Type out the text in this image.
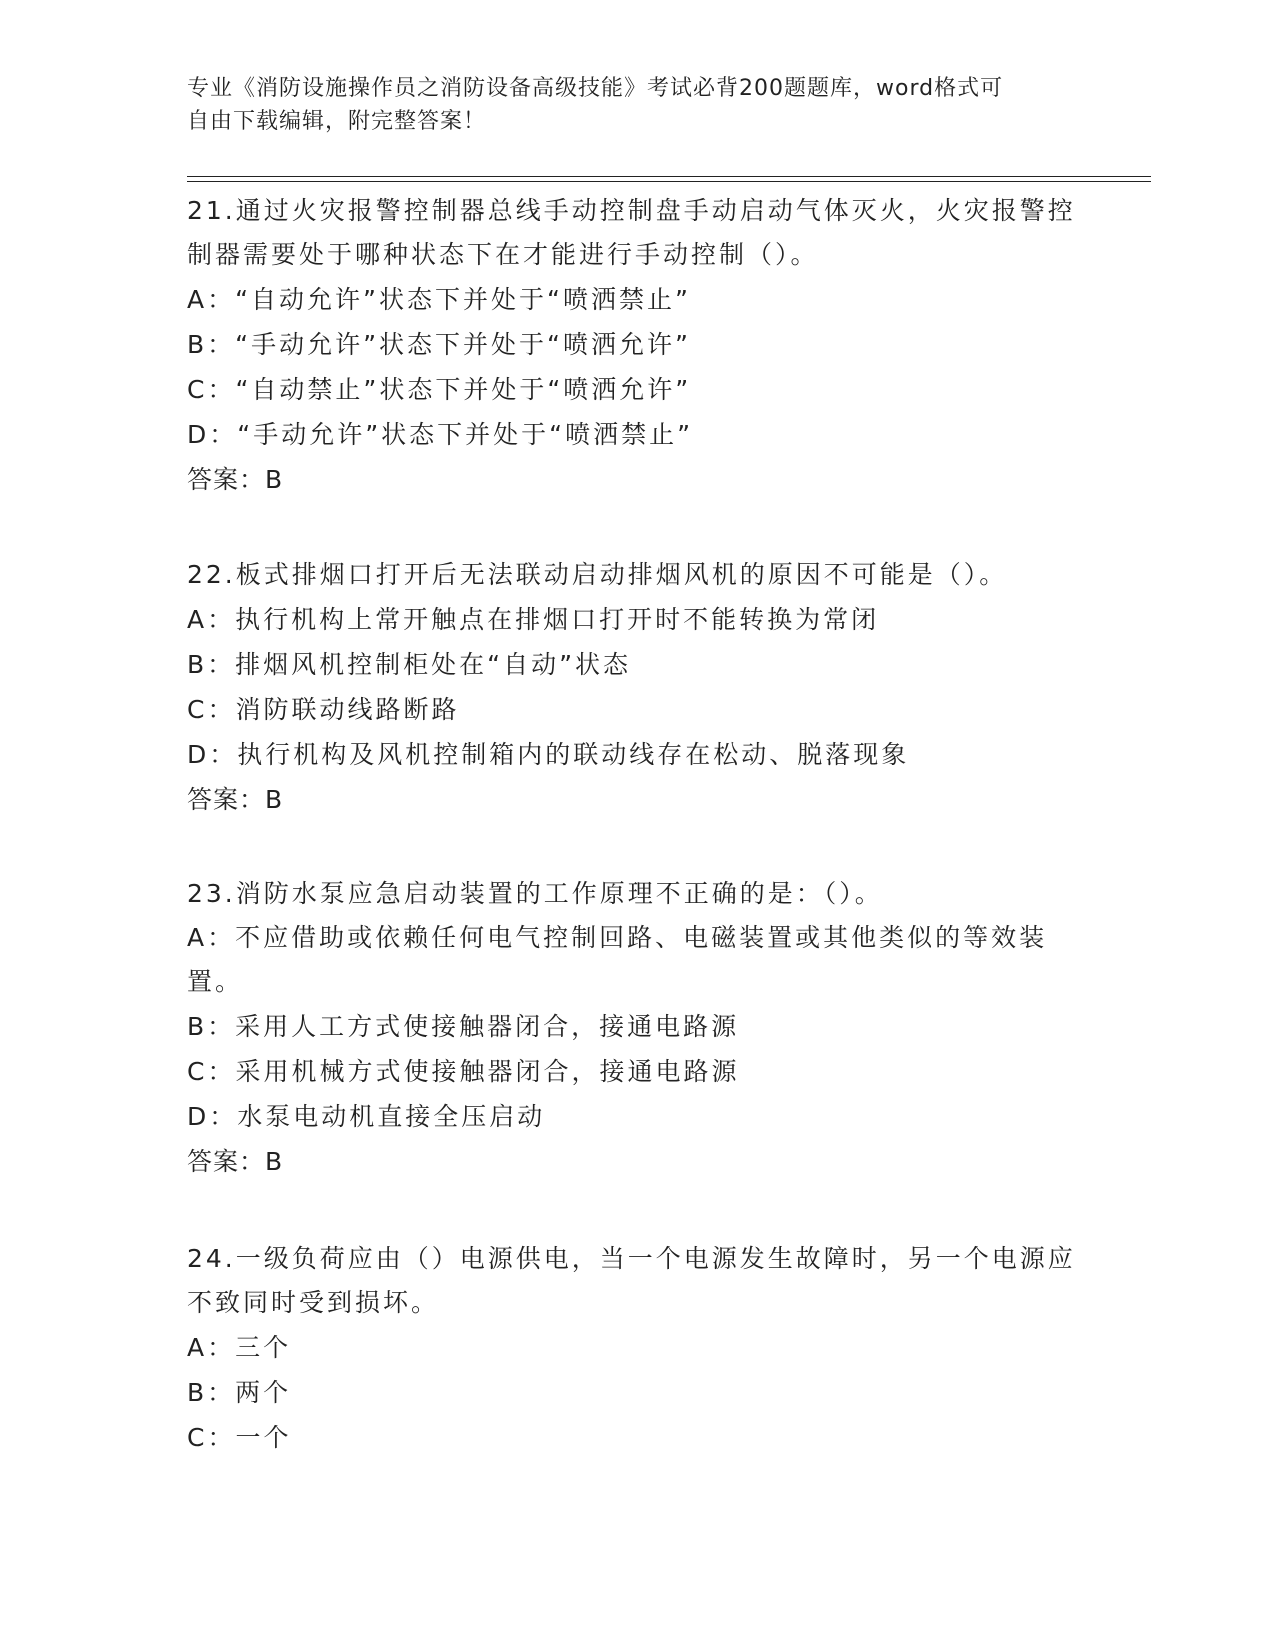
专业《消防设施操作员之消防设备高级技能》考试必背200题题库，word格式可
自由下载编辑，附完整答案！
21.通过火灾报警控制器总线手动控制盘手动启动气体灭火，火灾报警控制器需要处于哪种状态下在才能进行手动控制（）。
A：“自动允许”状态下并处于“喷洒禁止”
B：“手动允许”状态下并处于“喷洒允许”
C：“自动禁止”状态下并处于“喷洒允许”
D：“手动允许”状态下并处于“喷洒禁止”
答案：B
22.板式排烟口打开后无法联动启动排烟风机的原因不可能是（）。
A：执行机构上常开触点在排烟口打开时不能转换为常闭
B：排烟风机控制柜处在“自动”状态
C：消防联动线路断路
D：执行机构及风机控制箱内的联动线存在松动、脱落现象
答案：B
23.消防水泵应急启动装置的工作原理不正确的是：（）。
A：不应借助或依赖任何电气控制回路、电磁装置或其他类似的等效装置。
B：采用人工方式使接触器闭合，接通电路源
C：采用机械方式使接触器闭合，接通电路源
D：水泵电动机直接全压启动
答案：B
24.一级负荷应由（）电源供电，当一个电源发生故障时，另一个电源应不致同时受到损坏。
A：三个
B：两个
C：一个
